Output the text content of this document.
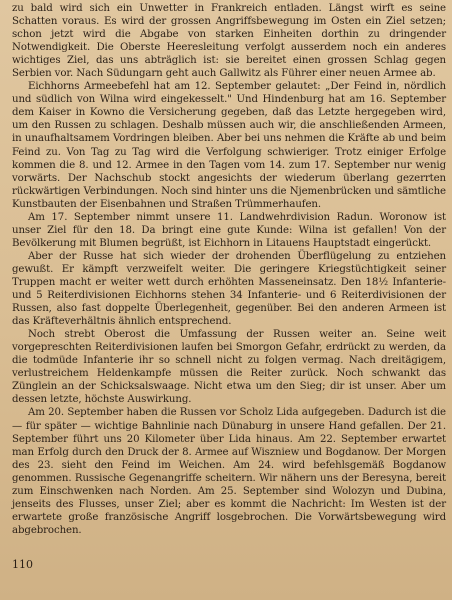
zu bald wird sich ein Unwetter in Frankreich entladen. Längst wirft es seine Schatten voraus. Es wird der grossen Angriffsbewegung im Osten ein Ziel setzen; schon jetzt wird die Abgabe von starken Einheiten dorthin zu dringender Notwendigkeit. Die Oberste Heeresleitung verfolgt ausserdem noch ein anderes wichtiges Ziel, das uns abträglich ist: sie bereitet einen grossen Schlag gegen Serbien vor. Nach Südungarn geht auch Gallwitz als Führer einer neuen Armee ab.

Eichhorns Armeebefehl hat am 12. September gelautet: „Der Feind in, nördlich und südlich von Wilna wird eingekesselt." Und Hindenburg hat am 16. September dem Kaiser in Kowno die Versicherung gegeben, daß das Letzte hergegeben wird, um den Russen zu schlagen. Deshalb müssen auch wir, die anschließenden Armeen, in unaufhaltsamem Vordringen bleiben. Aber bei uns nehmen die Kräfte ab und beim Feind zu. Von Tag zu Tag wird die Verfolgung schwieriger. Trotz einiger Erfolge kommen die 8. und 12. Armee in den Tagen vom 14. zum 17. September nur wenig vorwärts. Der Nachschub stockt angesichts der wiederum überlang gezerrten rückwärtigen Verbindungen. Noch sind hinter uns die Njemenbrücken und sämtliche Kunstbauten der Eisenbahnen und Straßen Trümmerhaufen.

Am 17. September nimmt unsere 11. Landwehrdivision Radun. Woronow ist unser Ziel für den 18. Da bringt eine gute Kunde: Wilna ist gefallen! Von der Bevölkerung mit Blumen begrüßt, ist Eichhorn in Litauens Hauptstadt eingerückt.

Aber der Russe hat sich wieder der drohenden Überflügelung zu entziehen gewußt. Er kämpft verzweifelt weiter. Die geringere Kriegstüchtigkeit seiner Truppen macht er weiter wett durch erhöhten Masseneinsatz. Den 18½ Infanterie- und 5 Reiterdivisionen Eichhorns stehen 34 Infanterie- und 6 Reiterdivisionen der Russen, also fast doppelte Überlegenheit, gegenüber. Bei den anderen Armeen ist das Kräfteverhältnis ähnlich entsprechend.

Noch strebt Oberost die Umfassung der Russen weiter an. Seine weit vorgepreschten Reiterdivisionen laufen bei Smorgon Gefahr, erdrückt zu werden, da die todmüde Infanterie ihr so schnell nicht zu folgen vermag. Nach dreitägigem, verlustreichem Heldenkampfe müssen die Reiter zurück. Noch schwankt das Zünglein an der Schicksalswaage. Nicht etwa um den Sieg; dir ist unser. Aber um dessen letzte, höchste Auswirkung.

Am 20. September haben die Russen vor Scholz Lida aufgegeben. Dadurch ist die — für später — wichtige Bahnlinie nach Dünaburg in unsere Hand gefallen. Der 21. September führt uns 20 Kilometer über Lida hinaus. Am 22. September erwartet man Erfolg durch den Druck der 8. Armee auf Wiszniew und Bogdanow. Der Morgen des 23. sieht den Feind im Weichen. Am 24. wird befehlsgemäß Bogdanow genommen. Russische Gegenangriffe scheitern. Wir nähern uns der Beresyna, bereit zum Einschwenken nach Norden. Am 25. September sind Wolozyn und Dubina, jenseits des Flusses, unser Ziel; aber es kommt die Nachricht: Im Westen ist der erwartete große französische Angriff losgebrochen. Die Vorwärtsbewegung wird abgebrochen.

110
